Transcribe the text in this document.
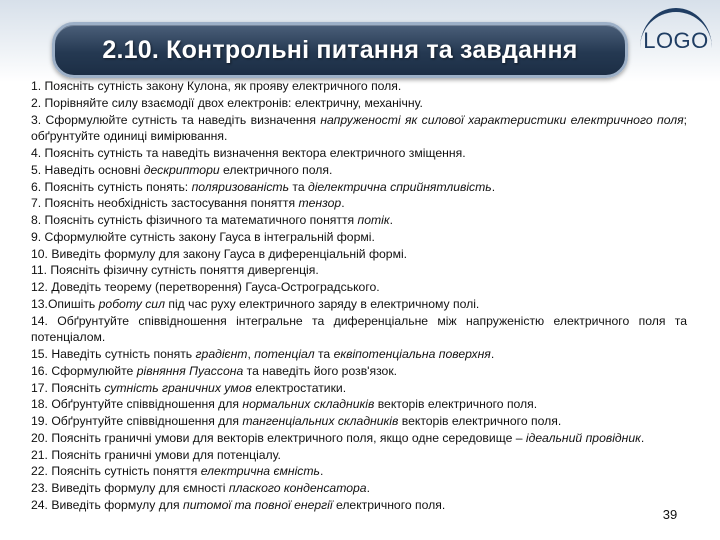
2.10. Контрольні питання та завдання	LOGO

1. Поясніть сутність закону Кулона, як прояву електричного поля.

2. Порівняйте силу взаємодії двох електронів: електричну, механічну.

3. Сформулюйте сутність та наведіть визначення напруженості як силової характеристики електричного поля; обґрунтуйте одиниці вимірювання.

4. Поясніть сутність та наведіть визначення вектора електричного зміщення.

5. Наведіть основні дескриптори електричного поля.

6. Поясніть сутність понять: поляризованість та діелектрична сприйнятливість.

7. Поясніть необхідність застосування поняття тензор.

8. Поясніть сутність фізичного та математичного поняття потік.

9. Сформулюйте сутність закону Гауса в інтегральній формі.

10. Виведіть формулу для закону Гауса в диференціальній формі.

11. Поясніть фізичну сутність поняття дивергенція.

12. Доведіть теорему (перетворення) Гауса-Остроградського.

13.Опишіть роботу сил під час руху електричного заряду в електричному полі.

14. Обґрунтуйте співвідношення інтегральне та диференціальне між напруженістю електричного поля та потенціалом.

15. Наведіть сутність понять градієнт, потенціал та еквіпотенціальна поверхня.

16. Сформулюйте рівняння Пуассона та наведіть його розв'язок.

17. Поясніть сутність граничних умов електростатики.

18. Обґрунтуйте співвідношення для нормальних складників векторів електричного поля.

19. Обґрунтуйте співвідношення для тангенціальних складників векторів електричного поля.

20. Поясніть граничні умови для векторів електричного поля, якщо одне середовище – ідеальний провідник.

21. Поясніть граничні умови для потенціалу.

22. Поясніть сутність поняття електрична ємність.

23. Виведіть формулу для ємності плаского конденсатора.

24. Виведіть формулу для питомої та повної енергії електричного поля.

39
